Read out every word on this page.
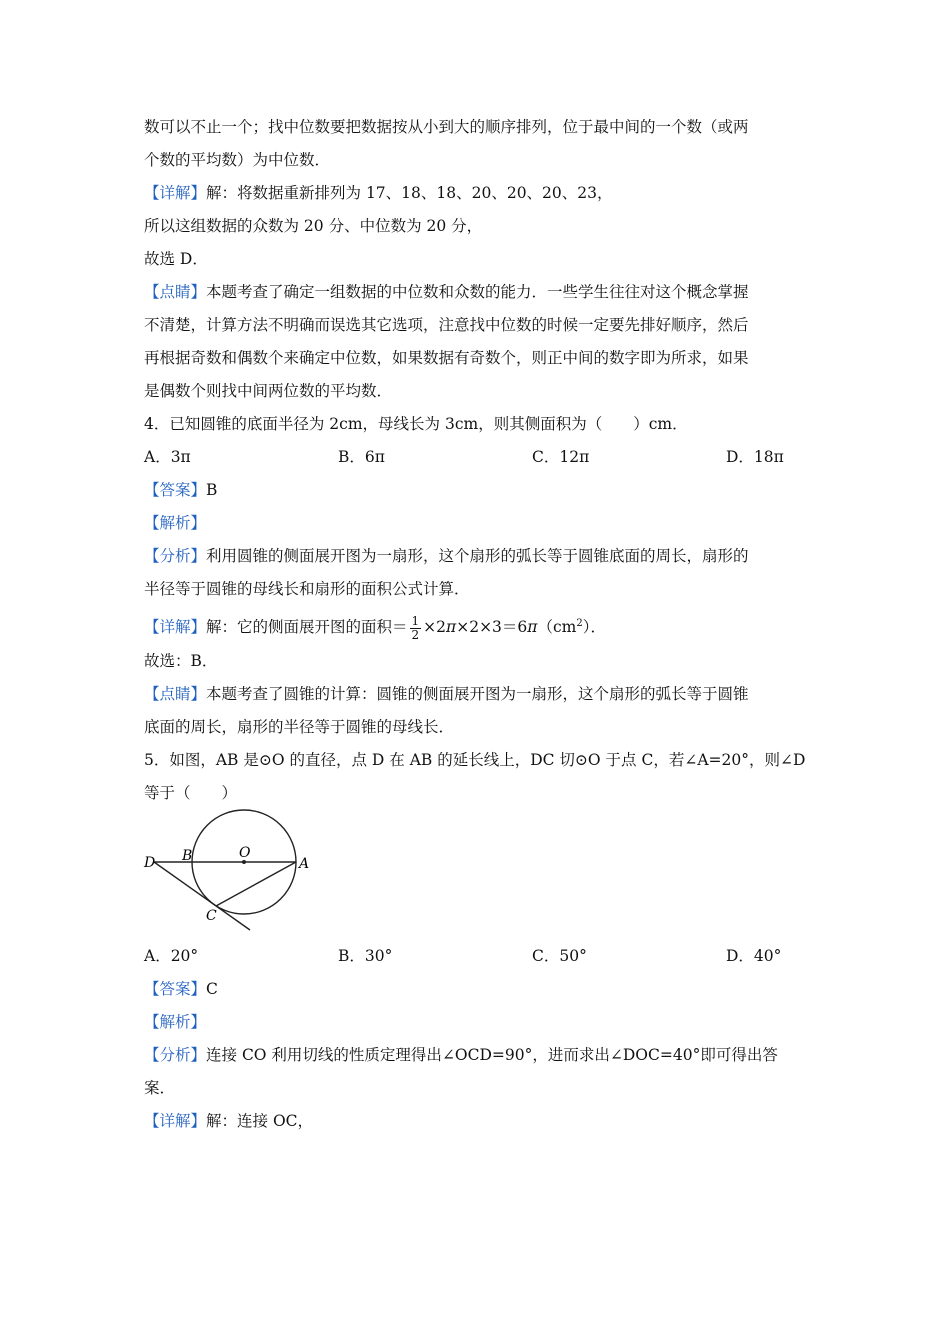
数可以不止一个；找中位数要把数据按从小到大的顺序排列，位于最中间的一个数（或两
个数的平均数）为中位数．
【详解】解：将数据重新排列为 17、18、18、20、20、20、23，
所以这组数据的众数为 20 分、中位数为 20 分，
故选 D．
【点睛】本题考查了确定一组数据的中位数和众数的能力．一些学生往往对这个概念掌握
不清楚，计算方法不明确而误选其它选项，注意找中位数的时候一定要先排好顺序，然后
再根据奇数和偶数个来确定中位数，如果数据有奇数个，则正中间的数字即为所求，如果
是偶数个则找中间两位数的平均数．
4．已知圆锥的底面半径为 2cm，母线长为 3cm，则其侧面积为（　　）cm．
A．3π	B．6π	C．12π	D．18π
【答案】B
【解析】
【分析】利用圆锥的侧面展开图为一扇形，这个扇形的弧长等于圆锥底面的周长，扇形的
半径等于圆锥的母线长和扇形的面积公式计算．
【详解】解：它的侧面展开图的面积＝ $\frac{1}{2} \times 2\pi\times 2\times 3=6\pi(cm^2)$．
故选：B．
【点睛】本题考查了圆锥的计算：圆锥的侧面展开图为一扇形，这个扇形的弧长等于圆锥
底面的周长，扇形的半径等于圆锥的母线长．
5．如图，AB 是⊙O 的直径，点 D 在 AB 的延长线上，DC 切⊙O 于点 C，若∠A=20°，则∠D
等于（　　）
D B	O
A
C
A．20°	B．30°	C．50°	D．40°
【答案】C
【解析】
【分析】连接 CO 利用切线的性质定理得出∠OCD=90°，进而求出∠DOC=40°即可得出答
案．
【详解】解：连接 OC，
